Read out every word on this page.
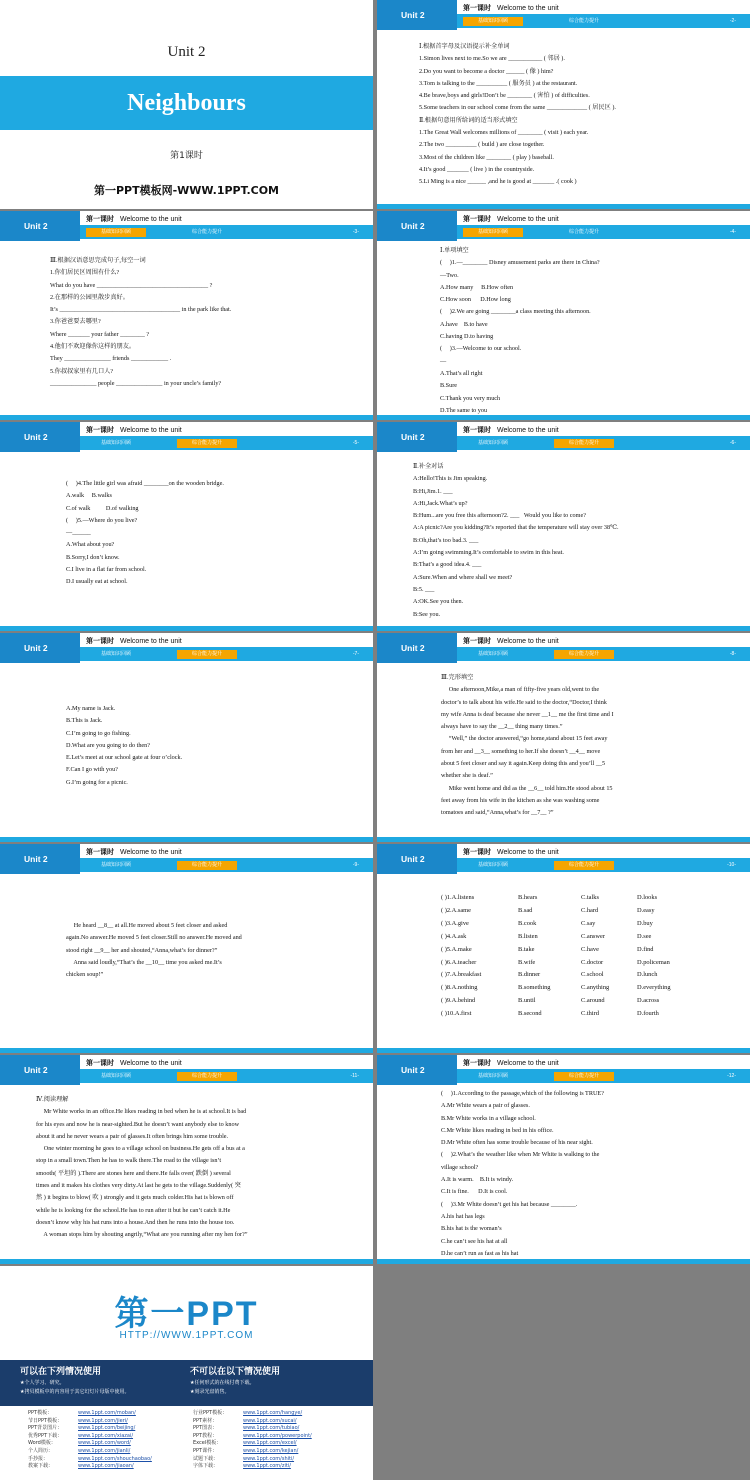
Unit 2
Neighbours
第1课时
第一PPT模板网-WWW.1PPT.COM
Unit 2
第一课时 Welcome to the unit
基础知识回顾	综合能力提升	-2-
Ⅰ.根据首字母及汉语提示补全单词
1.Simon lives next to me.So we are ___________ ( 邻居 ).
2.Do you want to become a doctor ______ ( 像 ) him?
3.Tom is talking to the __________ ( 服务员 ) at the restaurant.
4.Be brave,boys and girls!Don’t be ________ ( 害怕 ) of difficulties.
5.Some teachers in our school come from the same _____________ ( 居民区 ).
Ⅱ.根据句意用所给词的适当形式填空
1.The Great Wall welcomes millions of ________ ( visit ) each year.
2.The two __________ ( build ) are close together.
3.Most of the children like ________ ( play ) baseball.
4.It’s good _______ ( live ) in the countryside.
5.Li Ming is a nice ______ ,and he is good at _______ .( cook )
Unit 2
第一课时 Welcome to the unit
基础知识回顾	综合能力提升	-3-
Ⅲ.根据汉语意思完成句子,每空一词
1.你们居民区周围有什么?
What do you have ____________________________________ ?
2.在那样的公园里散步真好。
It’s _______________________________________ in the park like that.
3.你爸爸要去哪里?
Where _______ your father ________ ?
4.他们不欢迎像你这样的朋友。
They _______________ friends ____________ .
5.你叔叔家里有几口人?
_______________ people _______________ in your uncle’s family?
Unit 2
第一课时 Welcome to the unit
基础知识回顾	综合能力提升	-4-
Ⅰ.单项填空
(     )1.—________ Disney amusement parks are there in China?
—Two.
A.How many     B.How often
C.How soon      D.How long
(     )2.We are going ________a class meeting this afternoon.
A.have    B.to have
C.having D.to having
(     )3.—Welcome to our school.
—
A.That’s all right
B.Sure
C.Thank you very much
D.The same to you
Unit 2
第一课时 Welcome to the unit
基础知识回顾	综合能力提升	-5-
(     )4.The little girl was afraid ________on the wooden bridge.
A.walk     B.walks
C.of walk          D.of walking
(     )5.—Where do you live?
—______
A.What about you?
B.Sorry,I don’t know.
C.I live in a flat far from school.
D.I usually eat at school.
Unit 2
第一课时 Welcome to the unit
基础知识回顾	综合能力提升	-6-
Ⅱ.补全对话
A:Hello!This is Jim speaking.
B:Hi,Jim.1. ___
A:Hi,Jack.What’s up?
B:Hum...are you free this afternoon?2. ___   Would you like to come?
A:A picnic?Are you kidding?It’s reported that the temperature will stay over 38℃.
B:Oh,that’s too bad.3. ___
A:I’m going swimming.It’s comfortable to swim in this heat.
B:That’s a good idea.4. ___
A:Sure.When and where shall we meet?
B:5. ___
A:OK.See you then.
B:See you.
Unit 2
第一课时 Welcome to the unit
基础知识回顾	综合能力提升	-7-
A.My name is Jack.
B.This is Jack.
C.I’m going to go fishing.
D.What are you going to do then?
E.Let’s meet at our school gate at four o’clock.
F.Can I go with you?
G.I’m going for a picnic.
Unit 2
第一课时 Welcome to the unit
基础知识回顾	综合能力提升	-8-
Ⅲ.完形填空
One afternoon,Mike,a man of fifty-five years old,went to the
doctor’s to talk about his wife.He said to the doctor,“Doctor,I think
my wife Anna is deaf because she never __1__ me the first time and I
always have to say the __2__ thing many times.”
“Well,” the doctor answered,“go home,stand about 15 feet away
from her and __3__ something to her.If she doesn’t __4__ move
about 5 feet closer and say it again.Keep doing this and you’ll __5
whether she is deaf.”
Mike went home and did as the __6__ told him.He stood about 15
feet away from his wife in the kitchen as she was washing some
tomatoes and said,“Anna,what’s for __7__ ?”
Unit 2
第一课时 Welcome to the unit
基础知识回顾	综合能力提升	-9-
He heard __8__ at all.He moved about 5 feet closer and asked
again.No answer.He moved 5 feet closer.Still no answer.He moved and
stood right __9__ her and shouted,“Anna,what’s for dinner?”
Anna said loudly,“That’s the __10__ time you asked me.It’s
chicken soup!”
Unit 2
第一课时 Welcome to the unit
基础知识回顾	综合能力提升	-10-
( )1.A.listens	B.hears	C.talks	D.looks
( )2.A.same	B.sad	C.hard	D.easy
( )3.A.give	B.cook	C.say	D.buy
( )4.A.ask	B.listen	C.answer	D.see
( )5.A.make	B.take	C.have	D.find
( )6.A.teacher	B.wife	C.doctor	D.policeman
( )7.A.breakfast	B.dinner	C.school	D.lunch
( )8.A.nothing	B.something	C.anything	D.everything
( )9.A.behind	B.until	C.around	D.across
( )10.A.first	B.second	C.third	D.fourth
Unit 2
第一课时 Welcome to the unit
基础知识回顾	综合能力提升	-11-
Ⅳ.阅读理解
Mr White works in an office.He likes reading in bed when he is at school.It is bad
for his eyes and now he is near-sighted.But he doesn’t want anybody else to know
about it and he never wears a pair of glasses.It often brings him some trouble.
One winter morning he goes to a village school on business.He gets off a bus at a
stop in a small town.Then he has to walk there.The road to the village isn’t
smooth( 平坦的 ).There are stones here and there.He falls over( 跌倒 ) several
times and it makes his clothes very dirty.At last he gets to the village.Suddenly( 突
然 ) it begins to blow( 吹 ) strongly and it gets much colder.His hat is blown off
while he is looking for the school.He has to run after it but he can’t catch it.He
doesn’t know why his hat runs into a house.And then he runs into the house too.
A woman stops him by shouting angrily,“What are you running after my hen for?”
Unit 2
第一课时 Welcome to the unit
基础知识回顾	综合能力提升	-12-
(     )1.According to the passage,which of the following is TRUE?
A.Mr White wears a pair of glasses.
B.Mr White works in a village school.
C.Mr White likes reading in bed in his office.
D.Mr White often has some trouble because of his near sight.
(     )2.What’s the weather like when Mr White is walking to the
village school?
A.It is warm.    B.It is windy.
C.It is fine.      D.It is cool.
(     )3.Mr White doesn’t get his hat because ________.
A.his hat has legs
B.his hat is the woman’s
C.he can’t see his hat at all
D.he can’t run as fast as his hat
第一PPT
HTTP://WWW.1PPT.COM
可以在下列情况使用
★个人学习、研究。
★拷贝模板中的内容用于其它幻灯片母版中使用。
不可以在以下情况使用
★任何形式的在线付费下载。
★刻录光盘销售。
PPT模板：	www.1ppt.com/moban/
节日PPT模板：	www.1ppt.com/jieri/
PPT背景图片：	www.1ppt.com/beijing/
优秀PPT下载：	www.1ppt.com/xiazai/
Word模板：	www.1ppt.com/word/
个人简历：	www.1ppt.com/jianli/
手抄报：	www.1ppt.com/shouchaobao/
教案下载：	www.1ppt.com/jiaoan/
行业PPT模板：	www.1ppt.com/hangye/
PPT素材：	www.1ppt.com/sucai/
PPT图表：	www.1ppt.com/tubiao/
PPT教程：	www.1ppt.com/powerpoint/
Excel模板：	www.1ppt.com/excel/
PPT课件：	www.1ppt.com/kejian/
试题下载：	www.1ppt.com/shiti/
字体下载：	www.1ppt.com/ziti/
